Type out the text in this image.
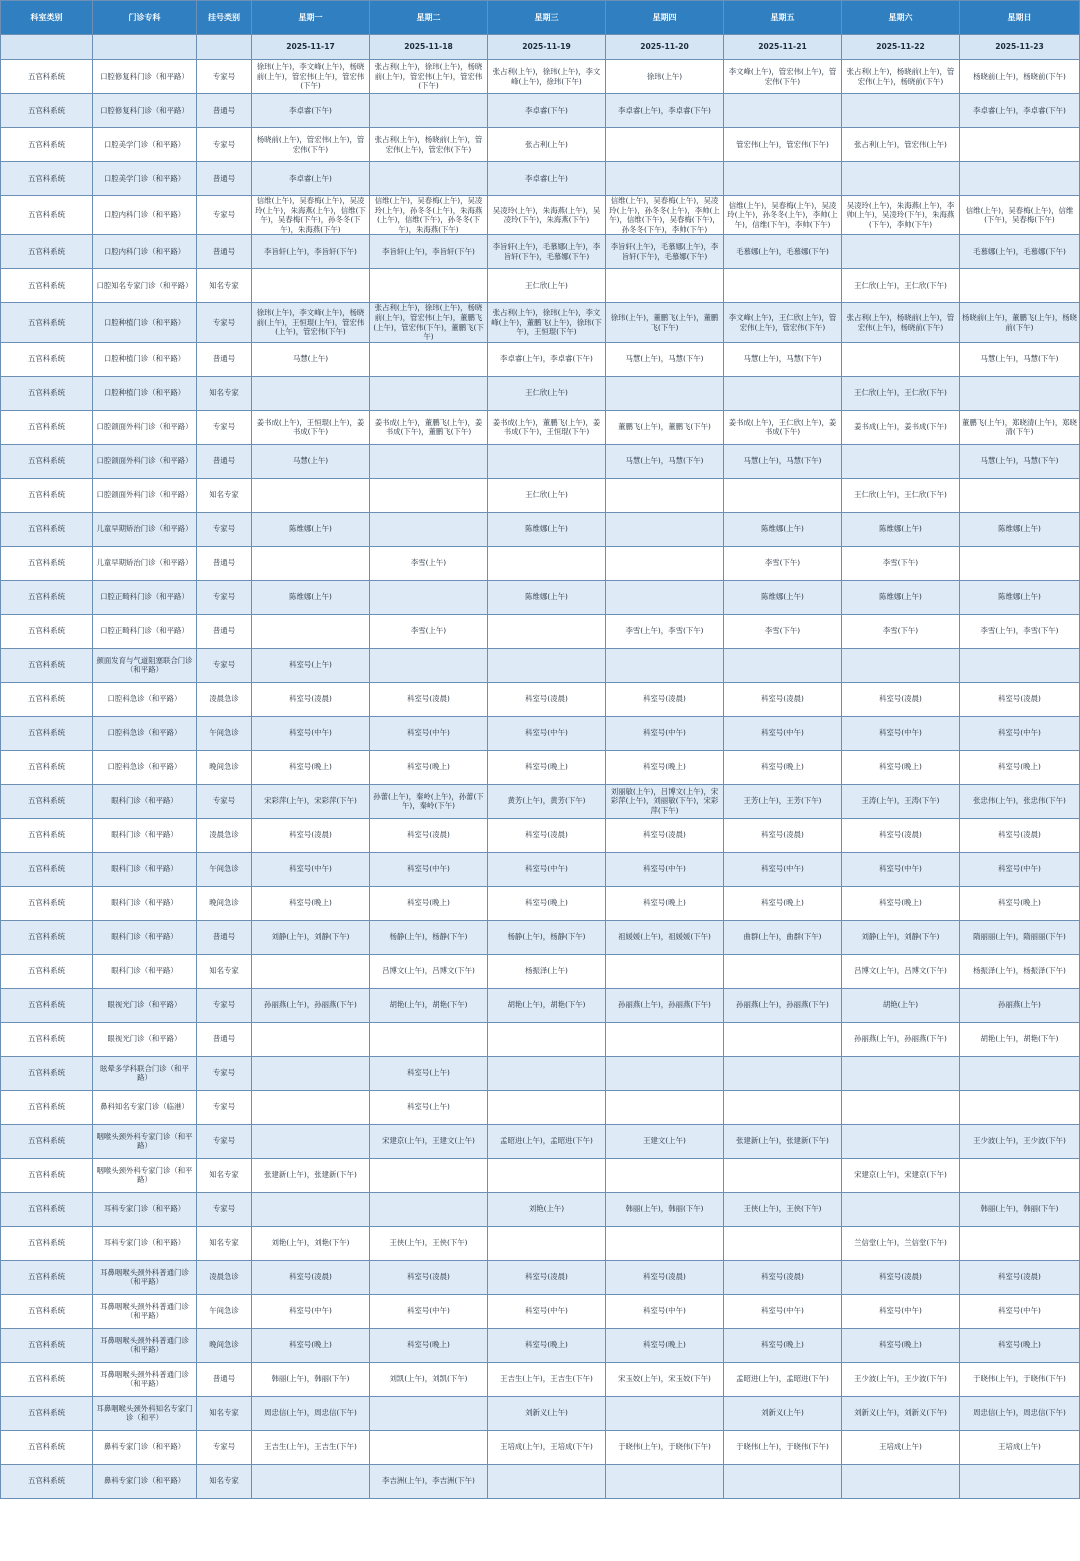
科室类别	门诊专科	挂号类别	星期一	星期二	星期三	星期四	星期五	星期六	星期日
			2025-11-17	2025-11-18	2025-11-19	2025-11-20	2025-11-21	2025-11-22	2025-11-23
五官科系统	口腔修复科门诊（和平路）	专家号	徐玮(上午)，李文峰(上午)，杨晓前(上午)，管宏伟(上午)，管宏伟(下午)	张占利(上午)，徐玮(上午)，杨晓前(上午)，管宏伟(上午)，管宏伟(下午)	张占利(上午)，徐玮(上午)，李文峰(上午)，徐玮(下午)	徐玮(上午)	李文峰(上午)，管宏伟(上午)，管宏伟(下午)	张占利(上午)，杨晓前(上午)，管宏伟(上午)，杨晓前(下午)	杨晓前(上午)，杨晓前(下午)
五官科系统	口腔修复科门诊（和平路）	普通号	李卓睿(下午)		李卓睿(下午)	李卓睿(上午)，李卓睿(下午)			李卓睿(上午)，李卓睿(下午)
五官科系统	口腔美学门诊（和平路）	专家号	杨晓前(上午)，管宏伟(上午)，管宏伟(下午)	张占利(上午)，杨晓前(上午)，管宏伟(上午)，管宏伟(下午)	张占利(上午)		管宏伟(上午)，管宏伟(下午)	张占利(上午)，管宏伟(上午)	
五官科系统	口腔美学门诊（和平路）	普通号	李卓睿(上午)		李卓睿(上午)				
五官科系统	口腔内科门诊（和平路）	专家号	信维(上午)，吴春梅(上午)，吴凌玲(上午)，朱海燕(上午)，信维(下午)，吴春梅(下午)，孙冬冬(下午)，朱海燕(下午)	信维(上午)，吴春梅(上午)，吴凌玲(上午)，孙冬冬(上午)，朱海燕(上午)，信维(下午)，孙冬冬(下午)，朱海燕(下午)	吴凌玲(上午)，朱海燕(上午)，吴凌玲(下午)，朱海燕(下午)	信维(上午)，吴春梅(上午)，吴凌玲(上午)，孙冬冬(上午)，李帅(上午)，信维(下午)，吴春梅(下午)，孙冬冬(下午)，李帅(下午)	信维(上午)，吴春梅(上午)，吴凌玲(上午)，孙冬冬(上午)，李帅(上午)，信维(下午)，李帅(下午)	吴凌玲(上午)，朱海燕(上午)，李帅(上午)，吴凌玲(下午)，朱海燕(下午)，李帅(下午)	信维(上午)，吴春梅(上午)，信维(下午)，吴春梅(下午)
五官科系统	口腔内科门诊（和平路）	普通号	李旨轩(上午)，李旨轩(下午)	李旨轩(上午)，李旨轩(下午)	李旨轩(上午)，毛慕娜(上午)，李旨轩(下午)，毛慕娜(下午)	李旨轩(上午)，毛慕娜(上午)，李旨轩(下午)，毛慕娜(下午)	毛慕娜(上午)，毛慕娜(下午)		毛慕娜(上午)，毛慕娜(下午)
五官科系统	口腔知名专家门诊（和平路）	知名专家			王仁欣(上午)			王仁欣(上午)，王仁欣(下午)	
五官科系统	口腔种植门诊（和平路）	专家号	徐玮(上午)，李文峰(上午)，杨晓前(上午)，王恒琨(上午)，管宏伟(上午)，管宏伟(下午)	张占利(上午)，徐玮(上午)，杨晓前(上午)，管宏伟(上午)，董鹏飞(上午)，管宏伟(下午)，董鹏飞(下午)	张占利(上午)，徐玮(上午)，李文峰(上午)，董鹏飞(上午)，徐玮(下午)，王恒琨(下午)	徐玮(上午)，董鹏飞(上午)，董鹏飞(下午)	李文峰(上午)，王仁欣(上午)，管宏伟(上午)，管宏伟(下午)	张占利(上午)，杨晓前(上午)，管宏伟(上午)，杨晓前(下午)	杨晓前(上午)，董鹏飞(上午)，杨晓前(下午)
五官科系统	口腔种植门诊（和平路）	普通号	马慧(上午)		李卓睿(上午)，李卓睿(下午)	马慧(上午)，马慧(下午)	马慧(上午)，马慧(下午)		马慧(上午)，马慧(下午)
五官科系统	口腔种植门诊（和平路）	知名专家			王仁欣(上午)			王仁欣(上午)，王仁欣(下午)	
五官科系统	口腔颌面外科门诊（和平路）	专家号	姜书成(上午)，王恒琨(上午)，姜书成(下午)	姜书成(上午)，董鹏飞(上午)，姜书成(下午)，董鹏飞(下午)	姜书成(上午)，董鹏飞(上午)，姜书成(下午)，王恒琨(下午)	董鹏飞(上午)，董鹏飞(下午)	姜书成(上午)，王仁欣(上午)，姜书成(下午)	姜书成(上午)，姜书成(下午)	董鹏飞(上午)，郑晓清(上午)，郑晓清(下午)
五官科系统	口腔颌面外科门诊（和平路）	普通号	马慧(上午)			马慧(上午)，马慧(下午)	马慧(上午)，马慧(下午)		马慧(上午)，马慧(下午)
五官科系统	口腔颌面外科门诊（和平路）	知名专家			王仁欣(上午)			王仁欣(上午)，王仁欣(下午)	
五官科系统	儿童早期矫治门诊（和平路）	专家号	陈维娜(上午)		陈维娜(上午)		陈维娜(上午)	陈维娜(上午)	陈维娜(上午)
五官科系统	儿童早期矫治门诊（和平路）	普通号		李雪(上午)			李雪(下午)	李雪(下午)	
五官科系统	口腔正畸科门诊（和平路）	专家号	陈维娜(上午)		陈维娜(上午)		陈维娜(上午)	陈维娜(上午)	陈维娜(上午)
五官科系统	口腔正畸科门诊（和平路）	普通号		李雪(上午)		李雪(上午)，李雪(下午)	李雪(下午)	李雪(下午)	李雪(上午)，李雪(下午)
五官科系统	颜面发育与气道阻塞联合门诊（和平路）	专家号	科室号(上午)						
五官科系统	口腔科急诊（和平路）	凌晨急诊	科室号(凌晨)	科室号(凌晨)	科室号(凌晨)	科室号(凌晨)	科室号(凌晨)	科室号(凌晨)	科室号(凌晨)
五官科系统	口腔科急诊（和平路）	午间急诊	科室号(中午)	科室号(中午)	科室号(中午)	科室号(中午)	科室号(中午)	科室号(中午)	科室号(中午)
五官科系统	口腔科急诊（和平路）	晚间急诊	科室号(晚上)	科室号(晚上)	科室号(晚上)	科室号(晚上)	科室号(晚上)	科室号(晚上)	科室号(晚上)
五官科系统	眼科门诊（和平路）	专家号	宋彩萍(上午)，宋彩萍(下午)	孙蕾(上午)，秦岭(上午)，孙蕾(下午)，秦岭(下午)	黄芳(上午)，黄芳(下午)	刘丽敏(上午)，吕博文(上午)，宋彩萍(上午)，刘丽敏(下午)，宋彩萍(下午)	王芳(上午)，王芳(下午)	王涛(上午)，王涛(下午)	张忠伟(上午)，张忠伟(下午)
五官科系统	眼科门诊（和平路）	凌晨急诊	科室号(凌晨)	科室号(凌晨)	科室号(凌晨)	科室号(凌晨)	科室号(凌晨)	科室号(凌晨)	科室号(凌晨)
五官科系统	眼科门诊（和平路）	午间急诊	科室号(中午)	科室号(中午)	科室号(中午)	科室号(中午)	科室号(中午)	科室号(中午)	科室号(中午)
五官科系统	眼科门诊（和平路）	晚间急诊	科室号(晚上)	科室号(晚上)	科室号(晚上)	科室号(晚上)	科室号(晚上)	科室号(晚上)	科室号(晚上)
五官科系统	眼科门诊（和平路）	普通号	刘静(上午)，刘静(下午)	杨静(上午)，杨静(下午)	杨静(上午)，杨静(下午)	祖媛媛(上午)，祖媛媛(下午)	曲群(上午)，曲群(下午)	刘静(上午)，刘静(下午)	隋丽丽(上午)，隋丽丽(下午)
五官科系统	眼科门诊（和平路）	知名专家		吕博文(上午)，吕博文(下午)	杨振泽(上午)			吕博文(上午)，吕博文(下午)	杨振泽(上午)，杨振泽(下午)
五官科系统	眼视光门诊（和平路）	专家号	孙丽燕(上午)，孙丽燕(下午)	胡艳(上午)，胡艳(下午)	胡艳(上午)，胡艳(下午)	孙丽燕(上午)，孙丽燕(下午)	孙丽燕(上午)，孙丽燕(下午)	胡艳(上午)	孙丽燕(上午)
五官科系统	眼视光门诊（和平路）	普通号						孙丽燕(上午)，孙丽燕(下午)	胡艳(上午)，胡艳(下午)
五官科系统	眩晕多学科联合门诊（和平路）	专家号		科室号(上午)					
五官科系统	鼻科知名专家门诊（临港）	专家号		科室号(上午)					
五官科系统	咽喉头颈外科专家门诊（和平路）	专家号		宋建京(上午)，王建文(上午)	孟昭进(上午)，孟昭进(下午)	王建文(上午)	张建新(上午)，张建新(下午)		王少波(上午)，王少波(下午)
五官科系统	咽喉头颈外科专家门诊（和平路）	知名专家	张建新(上午)，张建新(下午)					宋建京(上午)，宋建京(下午)	
五官科系统	耳科专家门诊（和平路）	专家号			刘艳(上午)	韩丽(上午)，韩丽(下午)	王侠(上午)，王侠(下午)		韩丽(上午)，韩丽(下午)
五官科系统	耳科专家门诊（和平路）	知名专家	刘艳(上午)，刘艳(下午)	王侠(上午)，王侠(下午)				兰信堂(上午)，兰信堂(下午)	
五官科系统	耳鼻咽喉头颈外科普通门诊（和平路）	凌晨急诊	科室号(凌晨)	科室号(凌晨)	科室号(凌晨)	科室号(凌晨)	科室号(凌晨)	科室号(凌晨)	科室号(凌晨)
五官科系统	耳鼻咽喉头颈外科普通门诊（和平路）	午间急诊	科室号(中午)	科室号(中午)	科室号(中午)	科室号(中午)	科室号(中午)	科室号(中午)	科室号(中午)
五官科系统	耳鼻咽喉头颈外科普通门诊（和平路）	晚间急诊	科室号(晚上)	科室号(晚上)	科室号(晚上)	科室号(晚上)	科室号(晚上)	科室号(晚上)	科室号(晚上)
五官科系统	耳鼻咽喉头颈外科普通门诊（和平路）	普通号	韩丽(上午)，韩丽(下午)	刘凯(上午)，刘凯(下午)	王吉生(上午)，王吉生(下午)	宋玉姣(上午)，宋玉姣(下午)	孟昭进(上午)，孟昭进(下午)	王少波(上午)，王少波(下午)	于晓伟(上午)，于晓伟(下午)
五官科系统	耳鼻咽喉头颈外科知名专家门诊（和平）	知名专家	周忠信(上午)，周忠信(下午)		刘新义(上午)		刘新义(上午)	刘新义(上午)，刘新义(下午)	周忠信(上午)，周忠信(下午)
五官科系统	鼻科专家门诊（和平路）	专家号	王吉生(上午)，王吉生(下午)		王培成(上午)，王培成(下午)	于晓伟(上午)，于晓伟(下午)	于晓伟(上午)，于晓伟(下午)	王培成(上午)	王培成(上午)
五官科系统	鼻科专家门诊（和平路）	知名专家		李吉洲(上午)，李吉洲(下午)					
